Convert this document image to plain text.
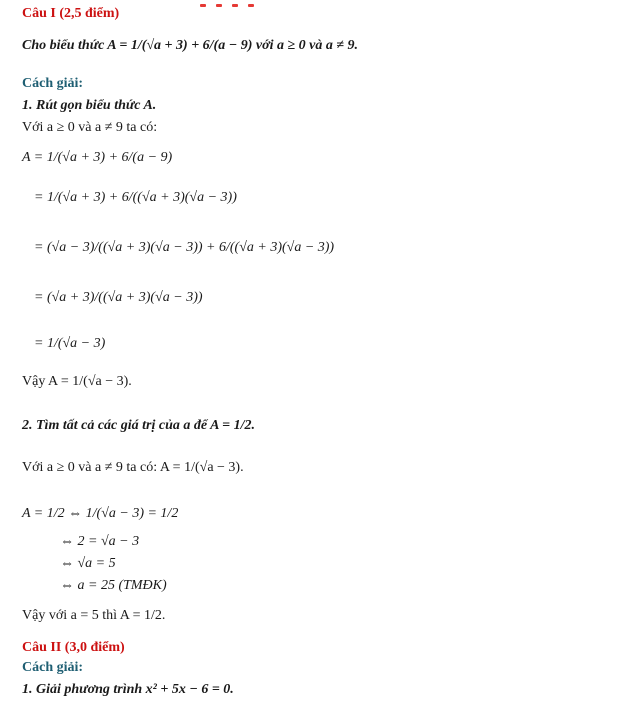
Câu I (2,5 điểm)
Cho biểu thức A = 1/(√a + 3) + 6/(a − 9) với a ≥ 0 và a ≠ 9.
Cách giải:
1. Rút gọn biểu thức A.
Với a ≥ 0 và a ≠ 9 ta có:
A = 1/(√a + 3) + 6/(a − 9)
= 1/(√a + 3) + 6/((√a + 3)(√a − 3))
= (√a − 3)/((√a + 3)(√a − 3)) + 6/((√a + 3)(√a − 3))
= (√a + 3)/((√a + 3)(√a − 3))
= 1/(√a − 3)
Vậy A = 1/(√a − 3).
2. Tìm tất cả các giá trị của a để A = 1/2.
Với a ≥ 0 và a ≠ 9 ta có: A = 1/(√a − 3).
A = 1/2 ⇔ 1/(√a − 3) = 1/2
⇔ 2 = √a − 3
⇔ √a = 5
⇔ a = 25 (TMĐK)
Vậy với a = 5 thì A = 1/2.
Câu II (3,0 điểm)
Cách giải:
1. Giải phương trình x² + 5x − 6 = 0.
